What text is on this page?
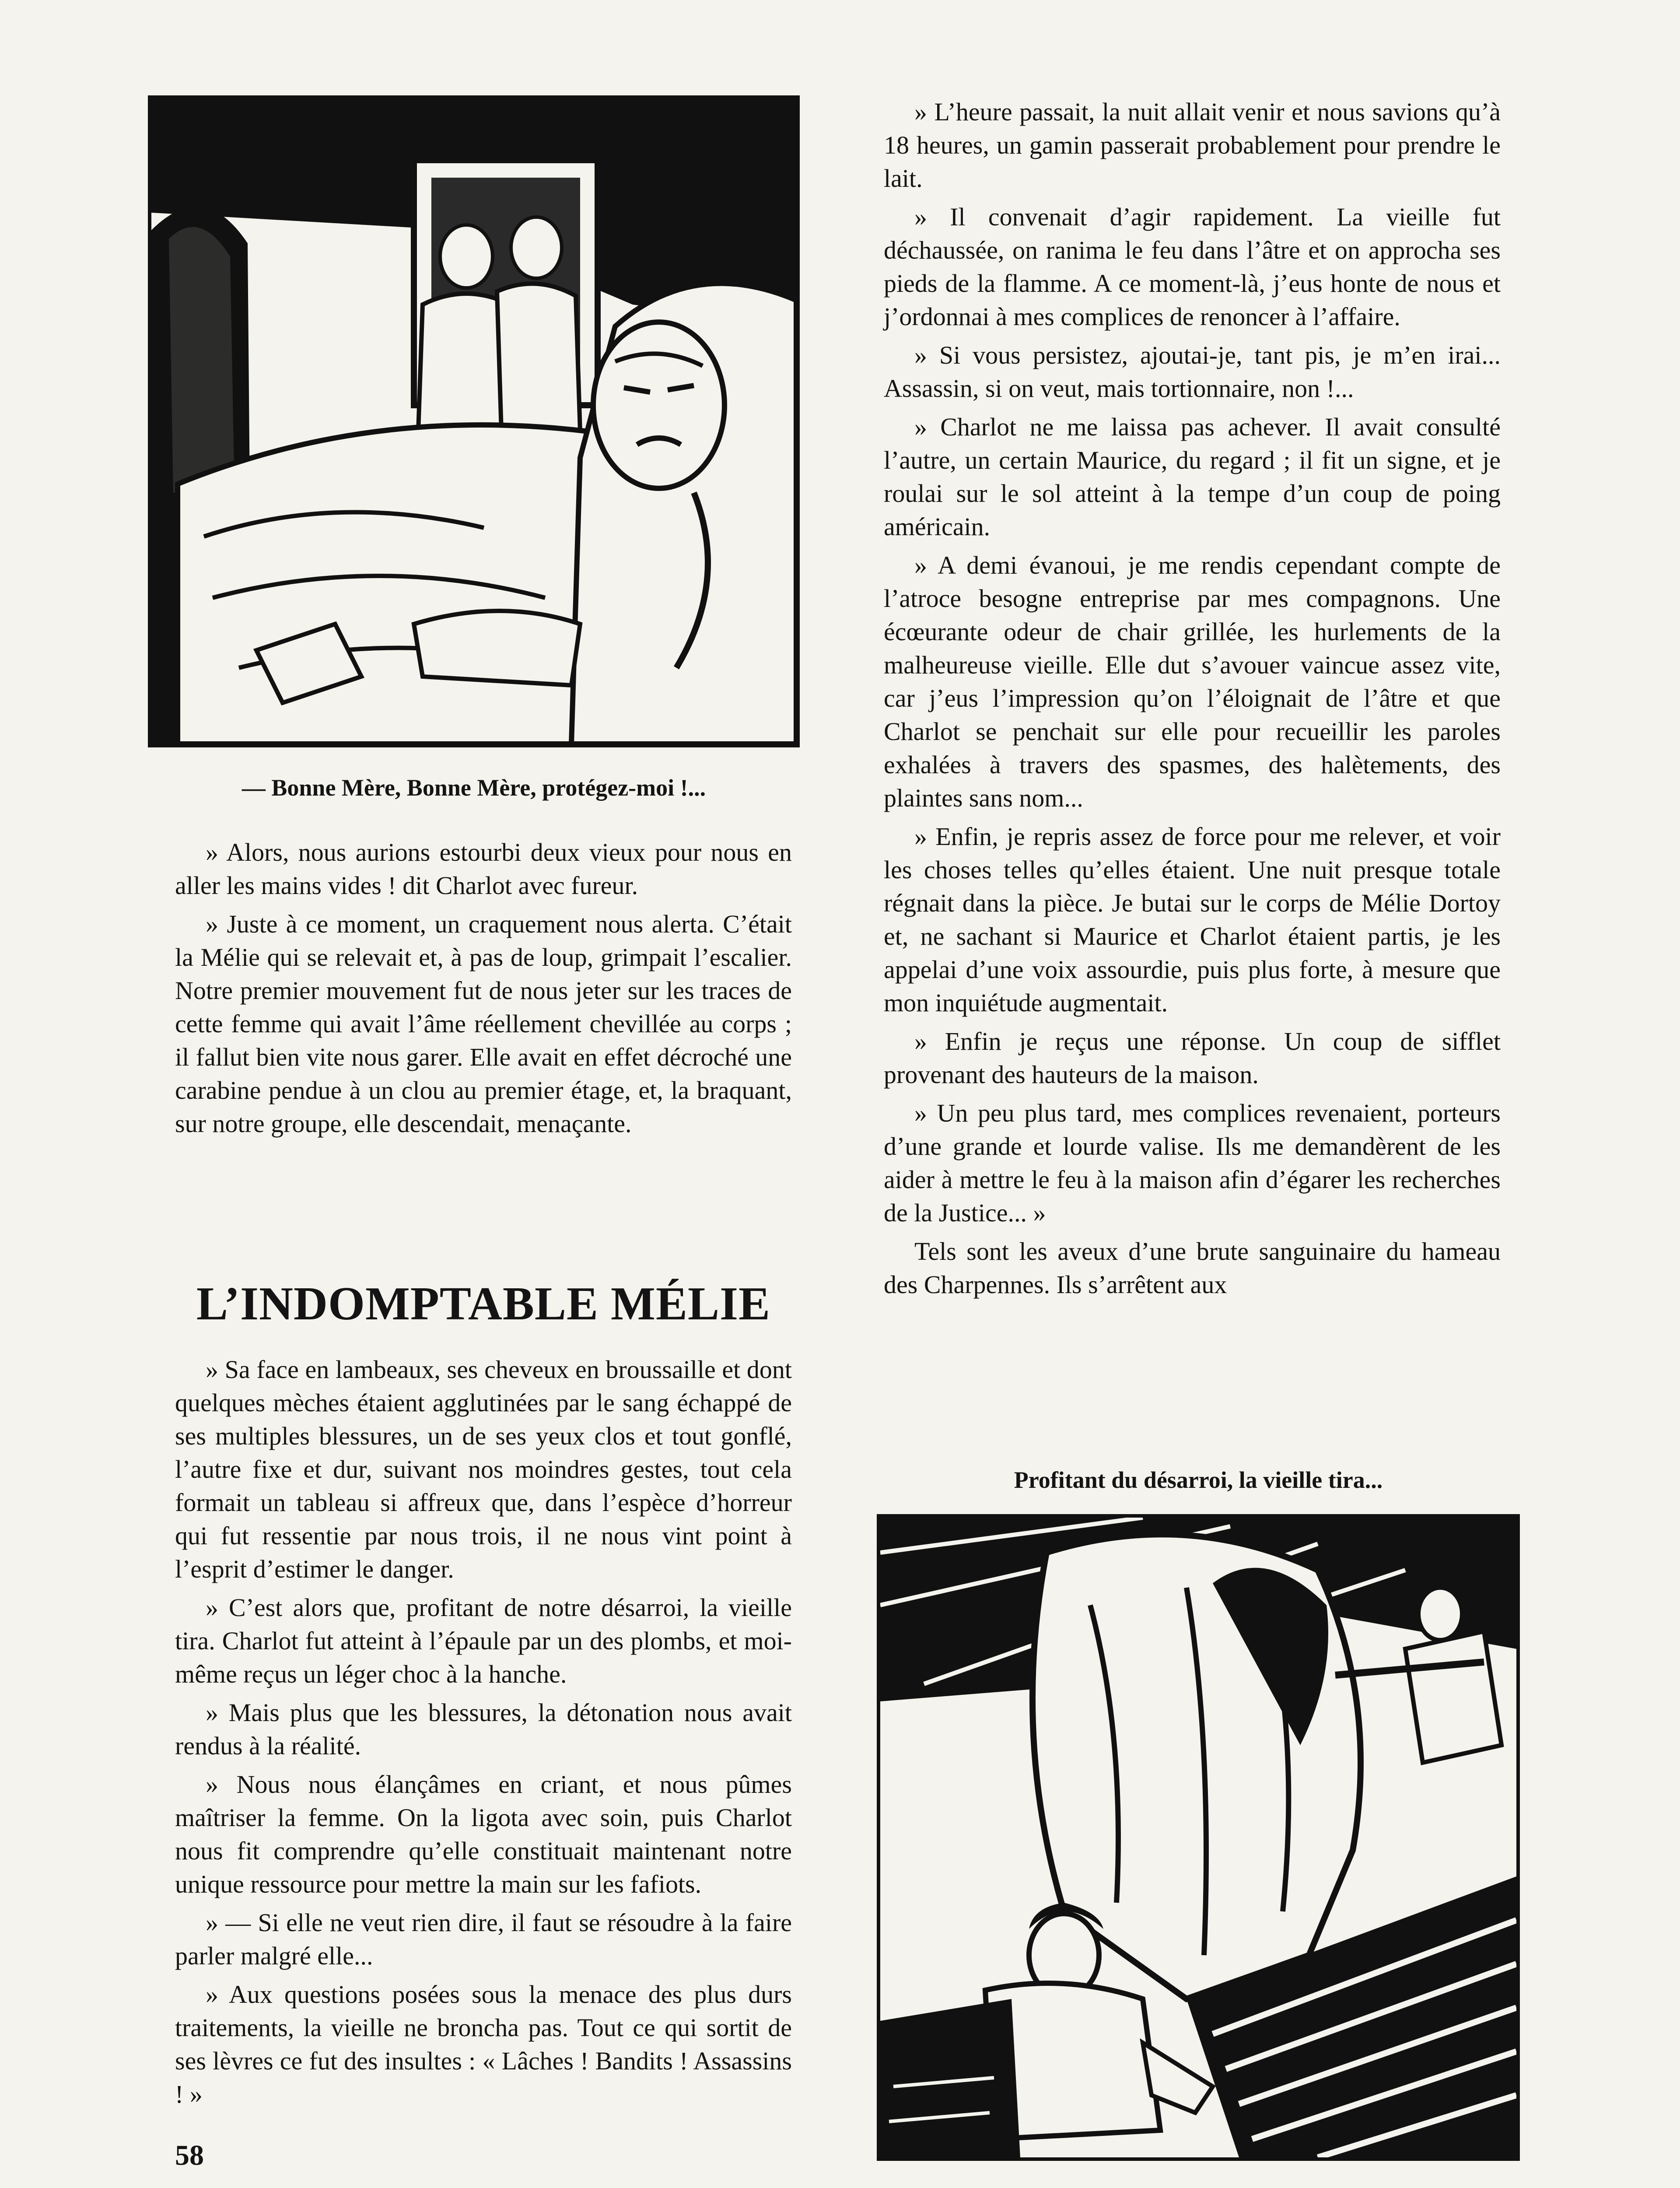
— Bonne Mère, Bonne Mère, protégez-moi !...

» Alors, nous aurions estourbi deux vieux pour nous en aller les mains vides ! dit Charlot avec fureur.

» Juste à ce moment, un craquement nous alerta. C’était la Mélie qui se relevait et, à pas de loup, grimpait l’escalier. Notre premier mouvement fut de nous jeter sur les traces de cette femme qui avait l’âme réellement chevillée au corps ; il fallut bien vite nous garer. Elle avait en effet décroché une carabine pendue à un clou au premier étage, et, la braquant, sur notre groupe, elle descendait, menaçante.

L’INDOMPTABLE MÉLIE

» Sa face en lambeaux, ses cheveux en broussaille et dont quelques mèches étaient agglutinées par le sang échappé de ses multiples blessures, un de ses yeux clos et tout gonflé, l’autre fixe et dur, suivant nos moindres gestes, tout cela formait un tableau si affreux que, dans l’espèce d’horreur qui fut ressentie par nous trois, il ne nous vint point à l’esprit d’estimer le danger.

» C’est alors que, profitant de notre désarroi, la vieille tira. Charlot fut atteint à l’épaule par un des plombs, et moi-même reçus un léger choc à la hanche.

» Mais plus que les blessures, la détonation nous avait rendus à la réalité.

» Nous nous élançâmes en criant, et nous pûmes maîtriser la femme. On la ligota avec soin, puis Charlot nous fit comprendre qu’elle constituait maintenant notre unique ressource pour mettre la main sur les fafiots.

» — Si elle ne veut rien dire, il faut se résoudre à la faire parler malgré elle...

» Aux questions posées sous la menace des plus durs traitements, la vieille ne broncha pas. Tout ce qui sortit de ses lèvres ce fut des insultes : « Lâches ! Bandits ! Assassins ! »

» L’heure passait, la nuit allait venir et nous savions qu’à 18 heures, un gamin passerait probablement pour prendre le lait.

» Il convenait d’agir rapidement. La vieille fut déchaussée, on ranima le feu dans l’âtre et on approcha ses pieds de la flamme. A ce moment-là, j’eus honte de nous et j’ordonnai à mes complices de renoncer à l’affaire.

» Si vous persistez, ajoutai-je, tant pis, je m’en irai... Assassin, si on veut, mais tortionnaire, non !...

» Charlot ne me laissa pas achever. Il avait consulté l’autre, un certain Maurice, du regard ; il fit un signe, et je roulai sur le sol atteint à la tempe d’un coup de poing américain.

» A demi évanoui, je me rendis cependant compte de l’atroce besogne entreprise par mes compagnons. Une écœurante odeur de chair grillée, les hurlements de la malheureuse vieille. Elle dut s’avouer vaincue assez vite, car j’eus l’impression qu’on l’éloignait de l’âtre et que Charlot se penchait sur elle pour recueillir les paroles exhalées à travers des spasmes, des halètements, des plaintes sans nom...

» Enfin, je repris assez de force pour me relever, et voir les choses telles qu’elles étaient. Une nuit presque totale régnait dans la pièce. Je butai sur le corps de Mélie Dortoy et, ne sachant si Maurice et Charlot étaient partis, je les appelai d’une voix assourdie, puis plus forte, à mesure que mon inquiétude augmentait.

» Enfin je reçus une réponse. Un coup de sifflet provenant des hauteurs de la maison.

» Un peu plus tard, mes complices revenaient, porteurs d’une grande et lourde valise. Ils me demandèrent de les aider à mettre le feu à la maison afin d’égarer les recherches de la Justice... »

Tels sont les aveux d’une brute sanguinaire du hameau des Charpennes. Ils s’arrêtent aux

Profitant du désarroi, la vieille tira...
58
